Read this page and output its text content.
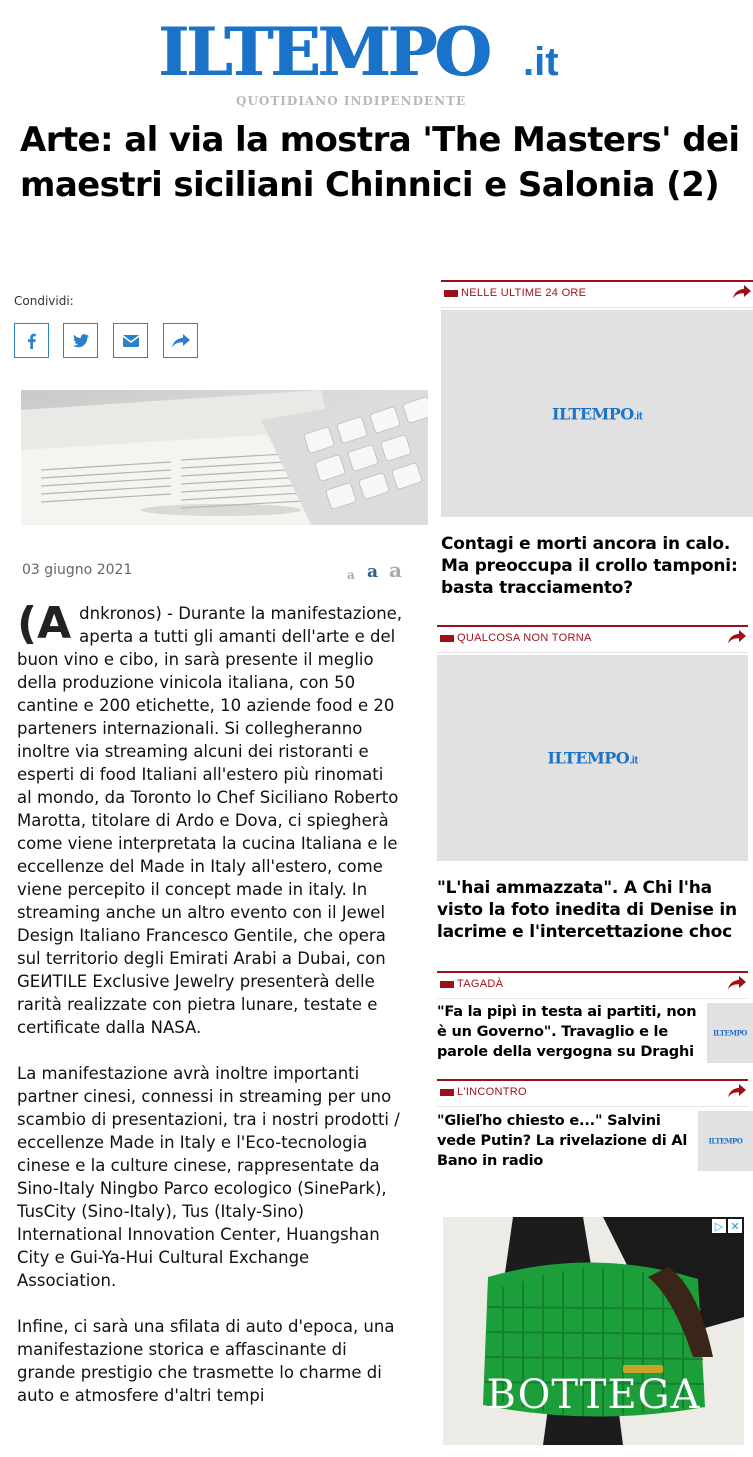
ILTEMPO .it
QUOTIDIANO INDIPENDENTE
Arte: al via la mostra 'The Masters' dei maestri siciliani Chinnici e Salonia (2)
Condividi:
03 giugno 2021	a a a

(Adnkronos) - Durante la manifestazione, aperta a tutti gli amanti dell'arte e del buon vino e cibo, in sarà presente il meglio della produzione vinicola italiana, con 50 cantine e 200 etichette, 10 aziende food e 20 parteners internazionali. Si collegheranno inoltre via streaming alcuni dei ristoranti e esperti di food Italiani all'estero più rinomati al mondo, da Toronto lo Chef Siciliano Roberto Marotta, titolare di Ardo e Dova, ci spiegherà come viene interpretata la cucina Italiana e le eccellenze del Made in Italy all'estero, come viene percepito il concept made in italy. In streaming anche un altro evento con il Jewel Design Italiano Francesco Gentile, che opera sul territorio degli Emirati Arabi a Dubai, con GEИTILE Exclusive Jewelry presenterà delle rarità realizzate con pietra lunare, testate e certificate dalla NASA.

La manifestazione avrà inoltre importanti partner cinesi, connessi in streaming per uno scambio di presentazioni, tra i nostri prodotti / eccellenze Made in Italy e l'Eco-tecnologia cinese e la culture cinese, rappresentate da Sino-Italy Ningbo Parco ecologico (SinePark), TusCity (Sino-Italy), Tus (Italy-Sino) International Innovation Center, Huangshan City e Gui-Ya-Hui Cultural Exchange Association.

Infine, ci sarà una sfilata di auto d'epoca, una manifestazione storica e affascinante di grande prestigio che trasmette lo charme di auto e atmosfere d'altri tempi

NELLE ULTIME 24 ORE
ILTEMPO.it
Contagi e morti ancora in calo. Ma preoccupa il crollo tamponi: basta tracciamento?
QUALCOSA NON TORNA
ILTEMPO.it
"L'hai ammazzata". A Chi l'ha visto la foto inedita di Denise in lacrime e l'intercettazione choc
TAGADÀ
"Fa la pipì in testa ai partiti, non è un Governo". Travaglio e le parole della vergogna su Draghi
ILTEMPO
L'INCONTRO
"Glieľho chiesto e..." Salvini vede Putin? La rivelazione di Al Bano in radio
ILTEMPO
BOTTEGA
▷ ✕
